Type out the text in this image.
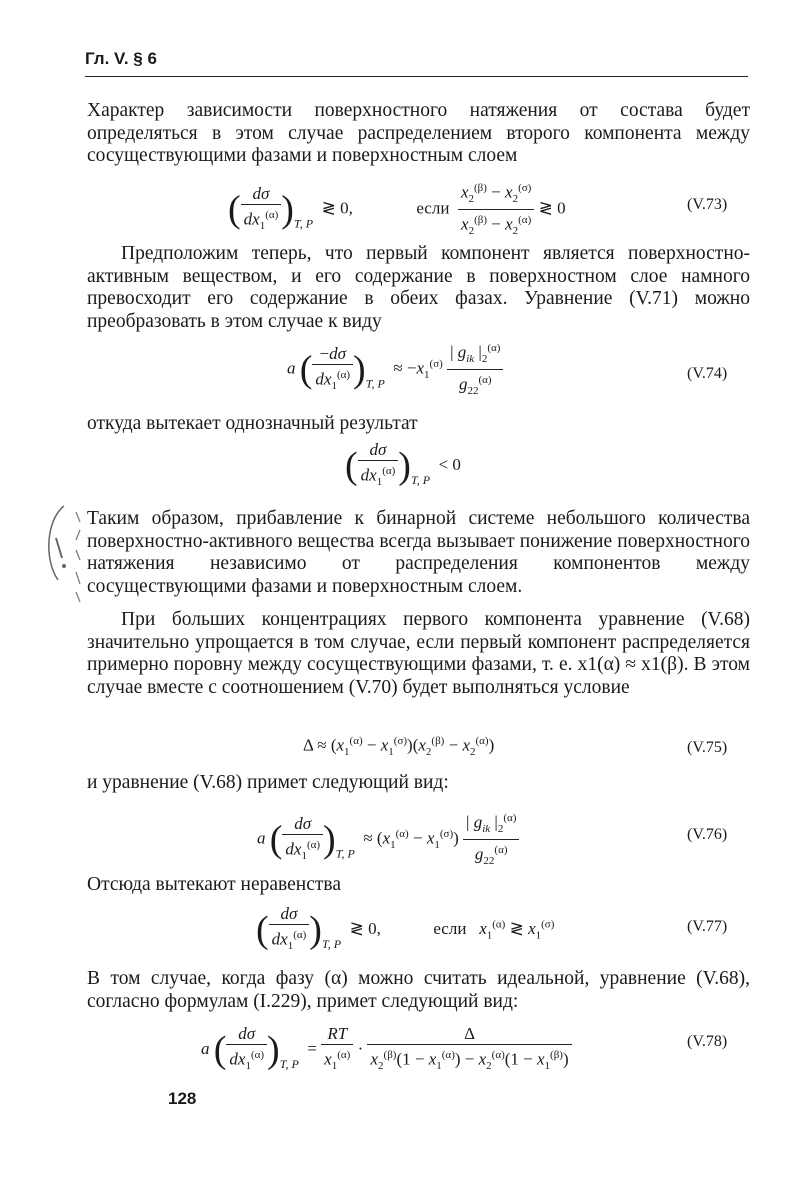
Гл. V. § 6
Характер зависимости поверхностного натяжения от состава будет определяться в этом случае распределением второго компонента между сосуществующими фазами и поверхностным слоем
( $\frac{d\sigma}{dx_1^{(\alpha)}} )_{T, P}$  ≷ 0,	если $\frac{x_2^{(\beta)} - x_2^{(\sigma)}}{x_2^{(\beta)} - x_2^{(\alpha)}}$ ≷ 0	(V.73)
Предположим теперь, что первый компонент является поверхностно-активным веществом, и его содержание в поверхностном слое намного превосходит его содержание в обеих фазах. Уравнение (V.71) можно преобразовать в этом случае к виду
a ( $\frac{-d\sigma}{dx_1^{(\alpha)}} )_{T, P} \approx -x_1^{(\sigma)} \frac{| g_{ik} |_2^{(\alpha)}}{g_{22}^{(\alpha)}}$	(V.74)
откуда вытекает однозначный результат
( $\frac{d\sigma}{dx_1^{(\alpha)}} )_{T, P} < 0$
Таким образом, прибавление к бинарной системе небольшого количества поверхностно-активного вещества всегда вызывает понижение поверхностного натяжения независимо от распределения компонентов между сосуществующими фазами и поверхностным слоем.
При больших концентрациях первого компонента уравнение (V.68) значительно упрощается в том случае, если первый компонент распределяется примерно поровну между сосуществующими фазами, т. е. x1(α) ≈ x1(β). В этом случае вместе с соотношением (V.70) будет выполняться условие
$\Delta \approx (x_1^{(\alpha)} - x_1^{(\sigma)})(x_2^{(\beta)} - x_2^{(\alpha)})$	(V.75)
и уравнение (V.68) примет следующий вид:
a ( $\frac{d\sigma}{dx_1^{(\alpha)}} )_{T, P} \approx (x_1^{(\alpha)} - x_1^{(\sigma)}) \frac{| g_{ik} |_2^{(\alpha)}}{g_{22}^{(\alpha)}}$	(V.76)
Отсюда вытекают неравенства
( $\frac{d\sigma}{dx_1^{(\alpha)}} )_{T, P}$  ≷ 0,	если $x_1^{(\alpha)}$ ≷ $x_1^{(\sigma)}$	(V.77)
В том случае, когда фазу (α) можно считать идеальной, уравнение (V.68), согласно формулам (I.229), примет следующий вид:
a ( $\frac{d\sigma}{dx_1^{(\alpha)}} )_{T, P} = \frac{RT}{x_1^{(\alpha)}} \cdot \frac{\Delta}{x_2^{(\beta)}(1 - x_1^{(\alpha)}) - x_2^{(\alpha)}(1 - x_1^{(\beta)})}$	(V.78)
128
